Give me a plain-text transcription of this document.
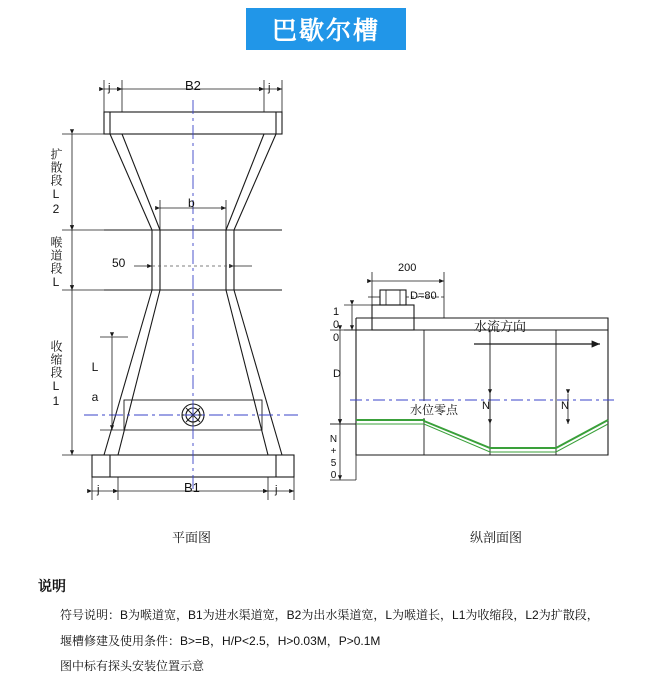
巴歇尔槽
j	B2	j
j	B1	j
b
50
L a
扩散段L2
喉道段L
收缩段L1
200
D=80
100
D
N+50
N	N
水流方向
水位零点
平面图	纵剖面图
说明

符号说明：B为喉道宽，B1为进水渠道宽，B2为出水渠道宽，L为喉道长，L1为收缩段，L2为扩散段，

堰槽修建及使用条件：B>=B，H/P<2.5，H>0.03M，P>0.1M

图中标有探头安装位置示意
